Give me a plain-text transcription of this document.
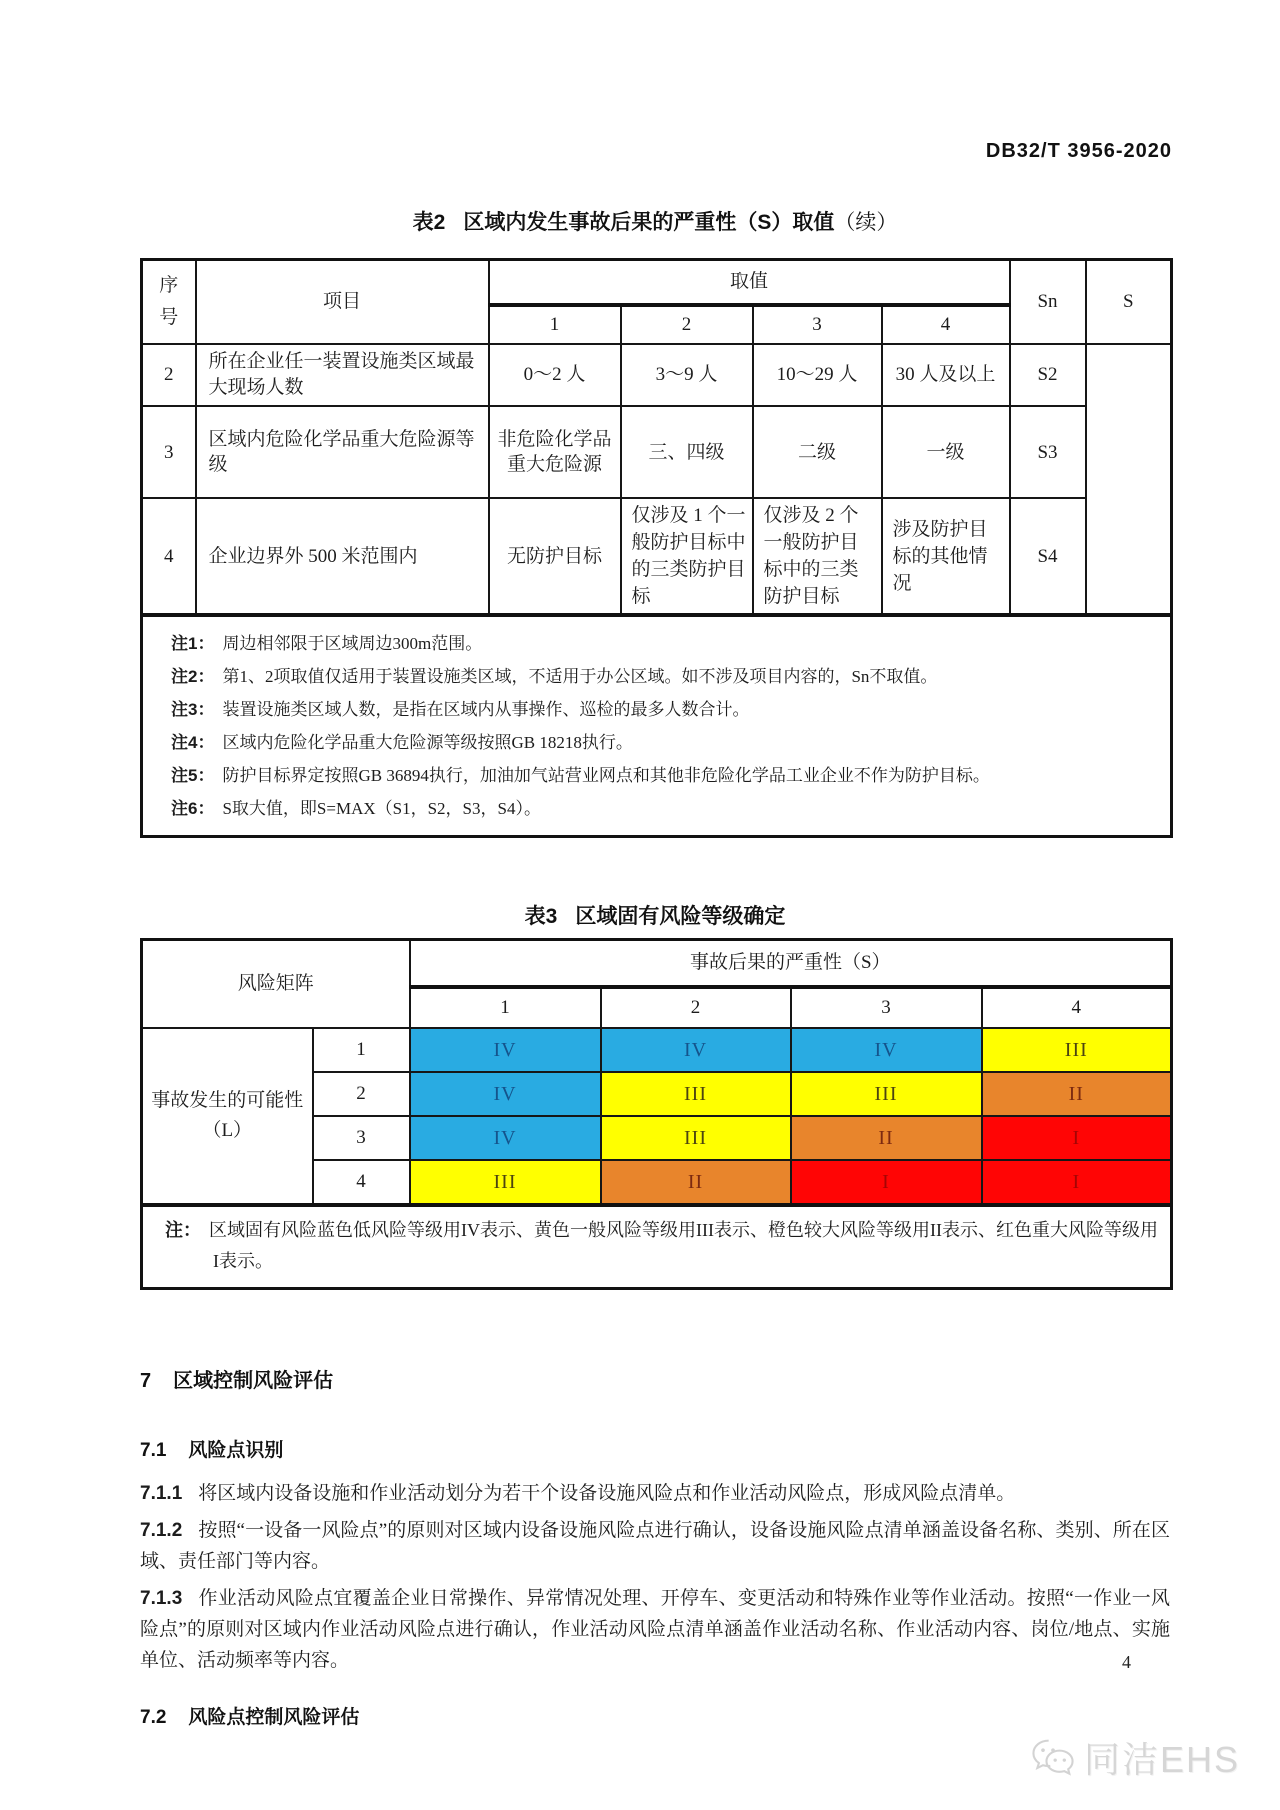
DB32/T 3956-2020
表2 区域内发生事故后果的严重性（S）取值（续）
序号	项目	取值				Sn	S
		1	2	3	4		
2	所在企业任一装置设施类区域最大现场人数	0～2 人	3～9 人	10～29 人	30 人及以上	S2	
3	区域内危险化学品重大危险源等级	非危险化学品重大危险源	三、四级	二级	一级	S3	
4	企业边界外 500 米范围内	无防护目标	仅涉及 1 个一般防护目标中的三类防护目标	仅涉及 2 个一般防护目标中的三类防护目标	涉及防护目标的其他情况	S4	

注1： 周边相邻限于区域周边300m范围。
注2： 第1、2项取值仅适用于装置设施类区域，不适用于办公区域。如不涉及项目内容的，Sn不取值。
注3： 装置设施类区域人数，是指在区域内从事操作、巡检的最多人数合计。
注4： 区域内危险化学品重大危险源等级按照GB 18218执行。
注5： 防护目标界定按照GB 36894执行，加油加气站营业网点和其他非危险化学品工业企业不作为防护目标。
注6： S取大值，即S=MAX（S1，S2，S3，S4）。
表3 区域固有风险等级确定
风险矩阵		事故后果的严重性（S）			
		1	2	3	4
事故发生的可能性（L）	1	IV	IV	IV	III
	2	IV	III	III	II
	3	IV	III	II	I
	4	III	II	I	I

注： 区域固有风险蓝色低风险等级用IV表示、黄色一般风险等级用III表示、橙色较大风险等级用II表示、红色重大风险等级用I表示。					
7 区域控制风险评估
7.1 风险点识别

7.1.1 将区域内设备设施和作业活动划分为若干个设备设施风险点和作业活动风险点，形成风险点清单。

7.1.2 按照“一设备一风险点”的原则对区域内设备设施风险点进行确认，设备设施风险点清单涵盖设备名称、类别、所在区域、责任部门等内容。

7.1.3 作业活动风险点宜覆盖企业日常操作、异常情况处理、开停车、变更活动和特殊作业等作业活动。按照“一作业一风险点”的原则对区域内作业活动风险点进行确认，作业活动风险点清单涵盖作业活动名称、作业活动内容、岗位/地点、实施单位、活动频率等内容。

7.2 风险点控制风险评估
4
同洁EHS
